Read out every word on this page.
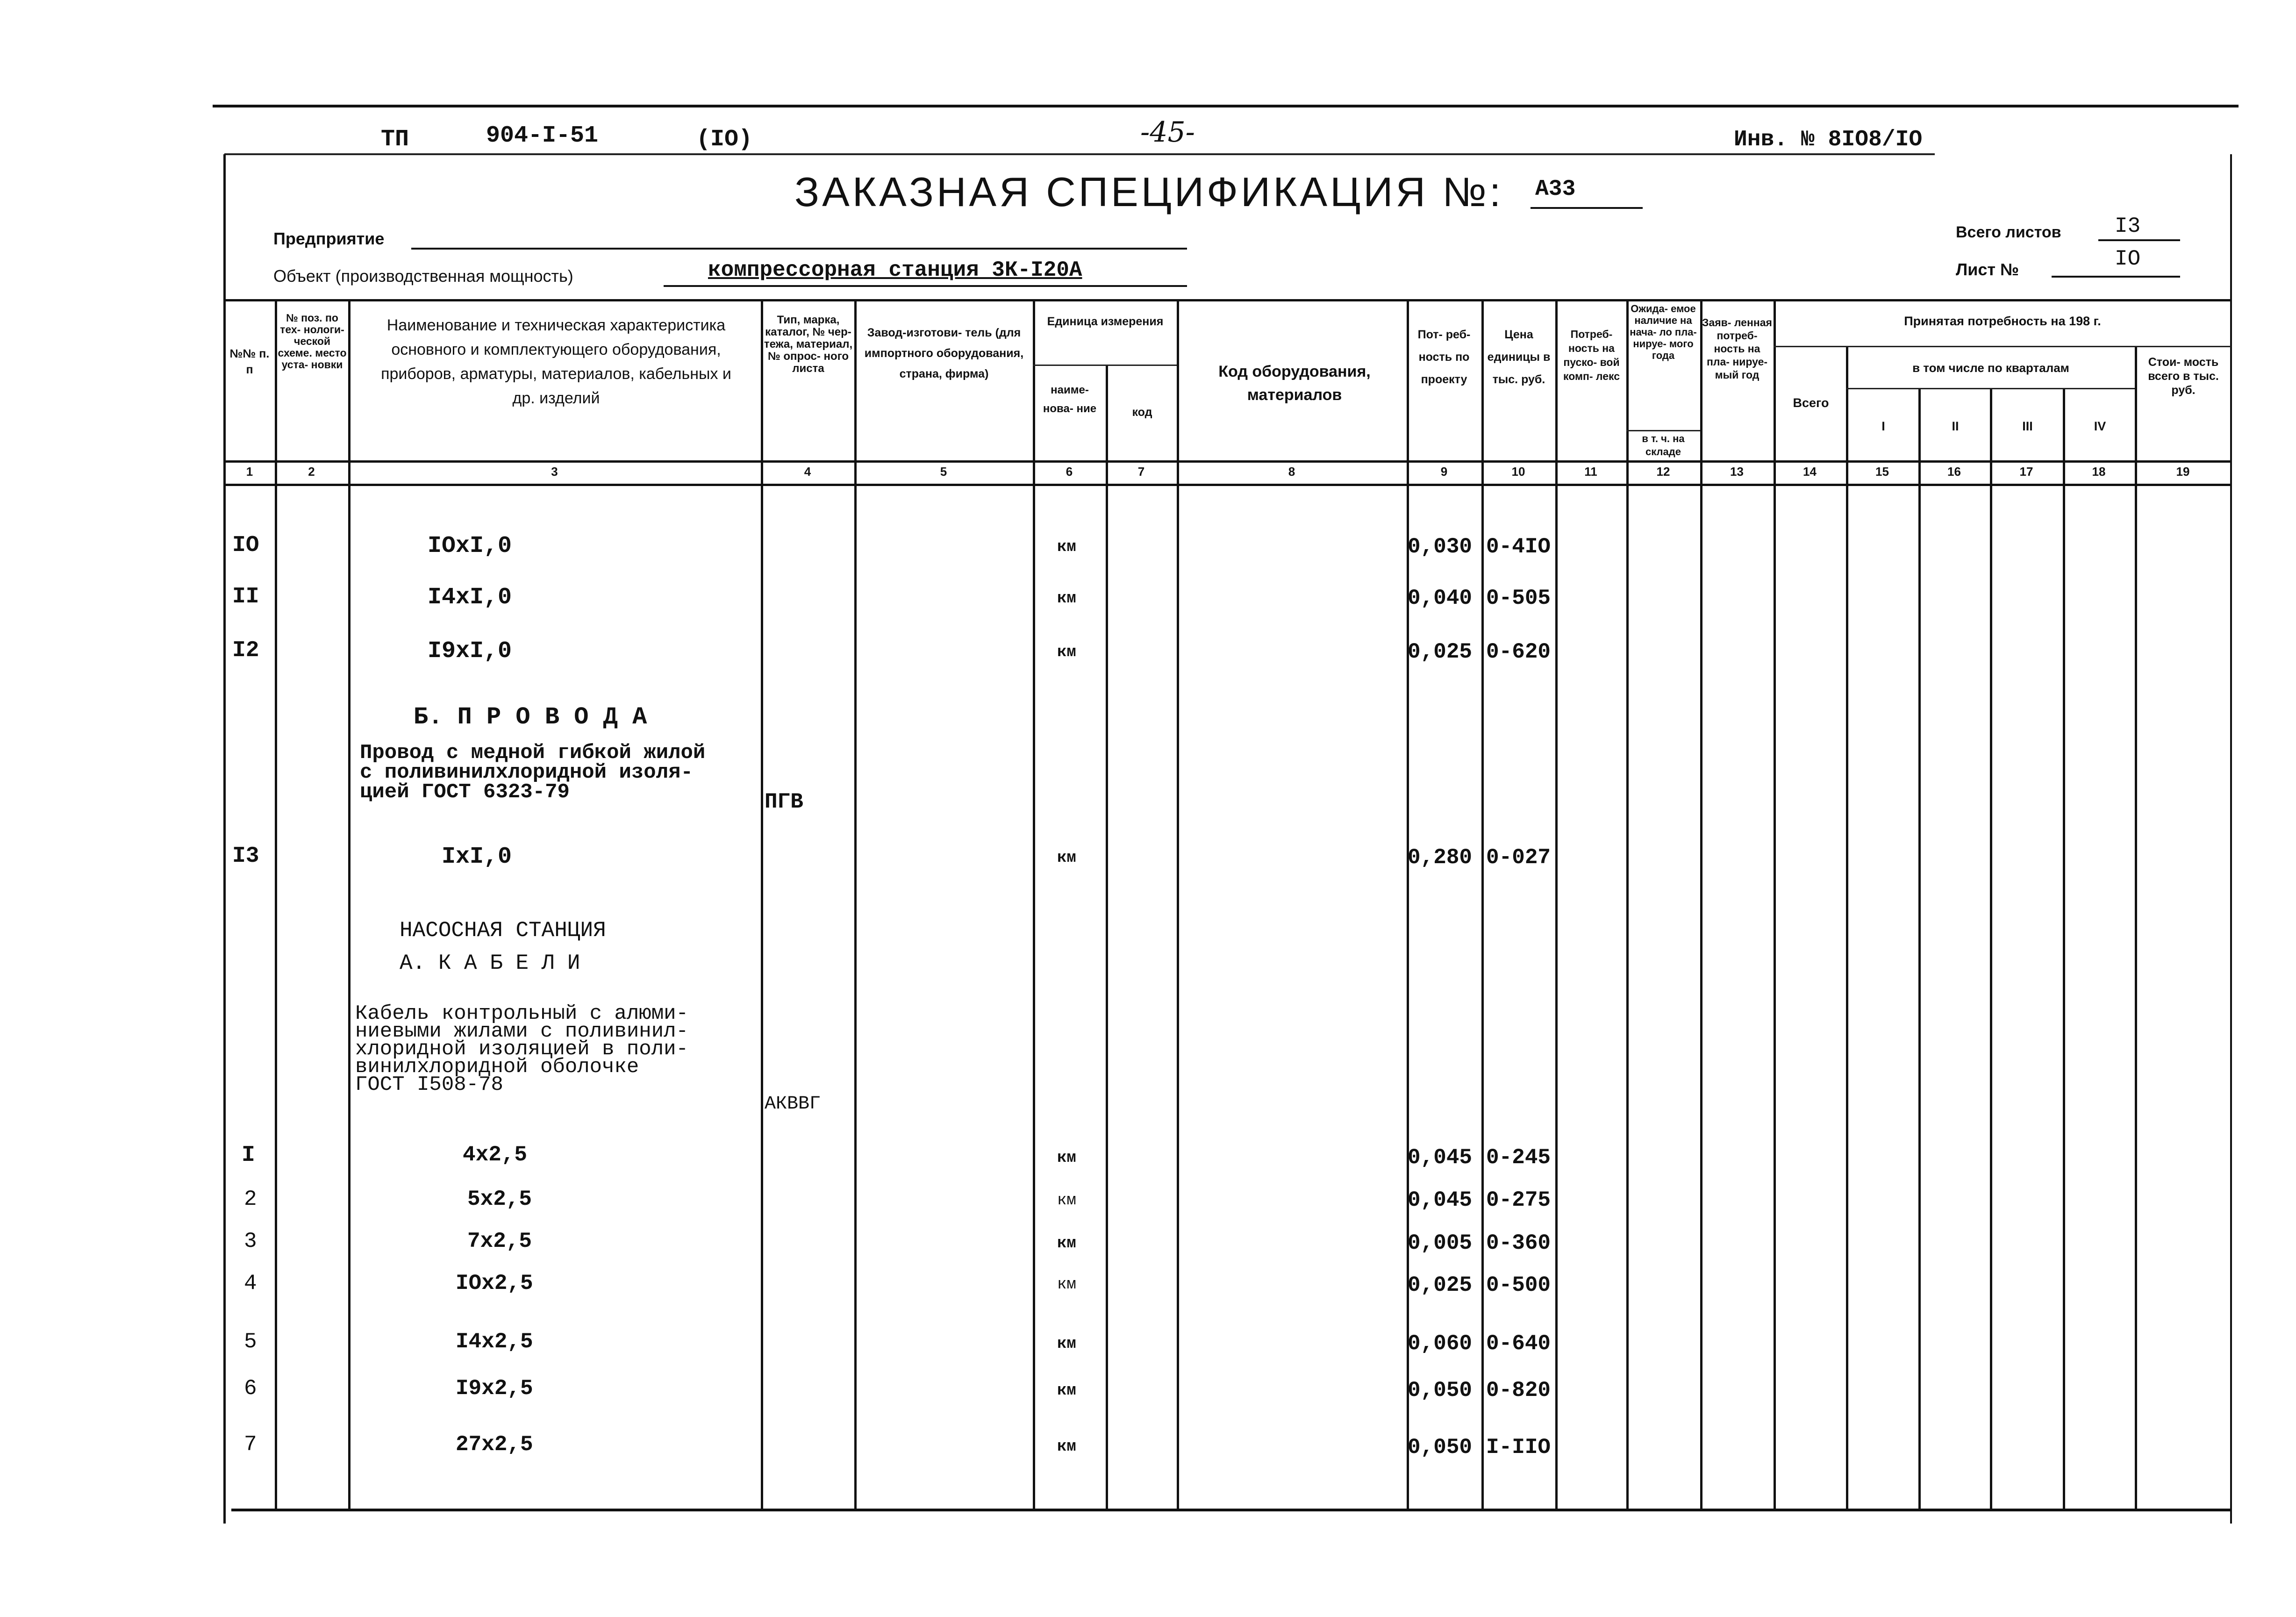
ТП	904-I-51	(IO)	-45-	Инв. № 8IO8/IO
ЗАКАЗНАЯ СПЕЦИФИКАЦИЯ №: A33
Предприятие
Объект (производственная мощность)	компрессорная станция 3К-I20A
Всего листов I3
Лист №	IO
№№ п. п
№ поз. по тех- нологи- ческой схеме. место уста- новки
Наименование и техническая характеристика основного и комплектующего оборудования, приборов, арматуры, материалов, кабельных и др. изделий
Тип, марка, каталог, № чер- тежа, материал, № опрос- ного листа
Завод-изготови- тель (для импортного оборудования, страна, фирма)
Единица измерения
наиме- нова- ние	код
Код оборудования, материалов
Пот- реб- ность по проекту
Цена единицы в тыс. руб.
Потреб- ность на пуско- вой комп- лекс
Ожида- емое наличие на нача- ло пла- нируе- мого года
в т. ч. на складе
Заяв- ленная потреб- ность на пла- нируе- мый год
Принятая потребность на 198 г.
Всего
в том числе по кварталам
I	II	III	IV
Стои- мость всего в тыс. руб.
1	2	3	4	5	6	7	8	9	10	11	12	13	14	15	16	17	18	19
IO	IOxI,0	км	0,030 0-4IO
II	I4xI,0	км	0,040 0-505
I2	I9xI,0	км	0,025 0-620
Б. П Р О В О Д А
Провод с медной гибкой жилой
с поливинилхлоридной изоля-
цией ГОСТ 6323-79	ПГВ
I3	IxI,0	км	0,280 0-027
НАСОСНАЯ СТАНЦИЯ
A. К А Б Е Л И
Кабель контрольный с алюми-
ниевыми жилами с поливинил-
хлоридной изоляцией в поли-
винилхлоридной оболочке
ГОСТ I508-78
АКВВГ
I	4x2,5	км	0,045 0-245
2	5x2,5	км	0,045 0-275
3	7x2,5	км	0,005 0-360
4	IOx2,5	км	0,025 0-500
5	I4x2,5	км	0,060 0-640
6	I9x2,5	км	0,050 0-820
7	27x2,5	км	0,050 I-IIO
